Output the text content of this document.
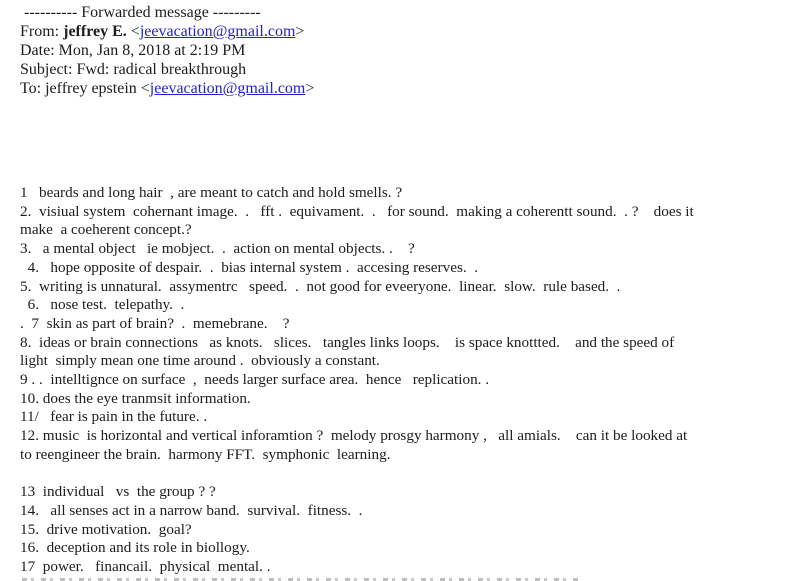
---------- Forwarded message ---------
From: jeffrey E. <jeevacation@gmail.com>
Date: Mon, Jan 8, 2018 at 2:19 PM
Subject: Fwd: radical breakthrough
To: jeffrey epstein <jeevacation@gmail.com>
1   beards and long hair  , are meant to catch and hold smells. ?
2.  visiual system  cohernant image.  .   fft .  equivament.  .   for sound.  making a coherentt sound.  . ?    does it
make  a coeherent concept.?
3.   a mental object   ie mobject.  .  action on mental objects. .    ?
4.   hope opposite of despair.  .  bias internal system .  accesing reserves.  .
5.  writing is unnatural.  assymentrc   speed.  .  not good for eveeryone.  linear.  slow.  rule based.  .
6.   nose test.  telepathy.  .
.  7  skin as part of brain?  .  memebrane.    ?
8.  ideas or brain connections   as knots.   slices.   tangles links loops.    is space knottted.    and the speed of
light  simply mean one time around .  obviously a constant.
9 . .  intelltignce on surface  ,  needs larger surface area.  hence   replication. .
10. does the eye tranmsit information.
11/   fear is pain in the future. .
12. music  is horizontal and vertical inforamtion ?  melody prosgy harmony ,   all amials.    can it be looked at
to reengineer the brain.  harmony FFT.  symphonic  learning.

13  individual   vs  the group ? ?
14.   all senses act in a narrow band.  survival.  fitness.  .
15.  drive motivation.  goal?
16.  deception and its role in biollogy.
17  power.   financail.  physical  mental. .
